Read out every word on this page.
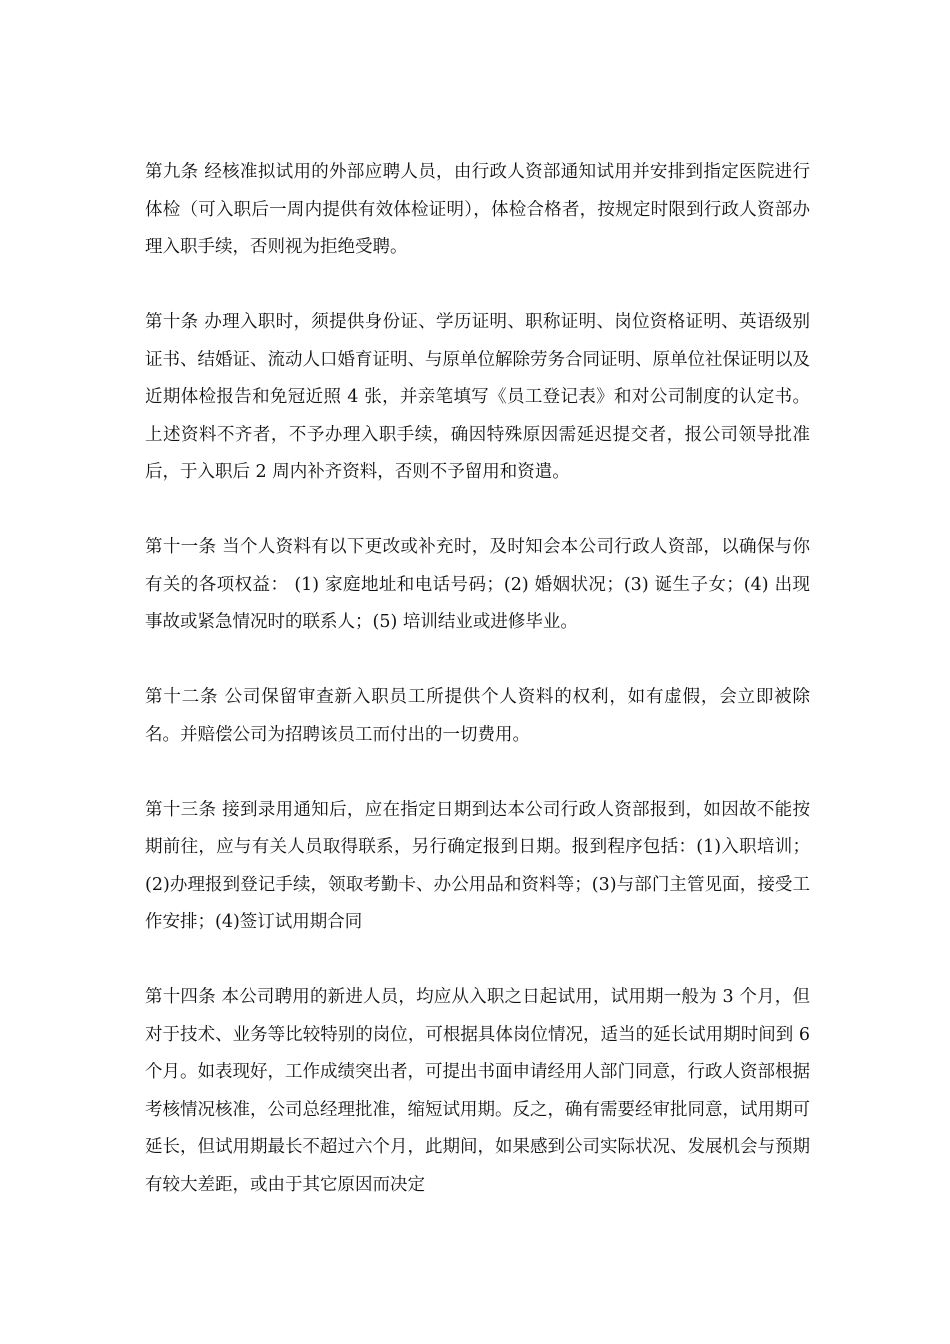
第九条 经核准拟试用的外部应聘人员，由行政人资部通知试用并安排到指定医院进行体检（可入职后一周内提供有效体检证明），体检合格者，按规定时限到行政人资部办理入职手续，否则视为拒绝受聘。

第十条 办理入职时，须提供身份证、学历证明、职称证明、岗位资格证明、英语级别证书、结婚证、流动人口婚育证明、与原单位解除劳务合同证明、原单位社保证明以及近期体检报告和免冠近照 4 张，并亲笔填写《员工登记表》和对公司制度的认定书。上述资料不齐者，不予办理入职手续，确因特殊原因需延迟提交者，报公司领导批准后，于入职后 2 周内补齐资料，否则不予留用和资遣。

第十一条 当个人资料有以下更改或补充时，及时知会本公司行政人资部，以确保与你有关的各项权益： (1) 家庭地址和电话号码；(2) 婚姻状况；(3) 诞生子女；(4) 出现事故或紧急情况时的联系人；(5) 培训结业或进修毕业。

第十二条 公司保留审查新入职员工所提供个人资料的权利，如有虚假，会立即被除名。并赔偿公司为招聘该员工而付出的一切费用。

第十三条 接到录用通知后，应在指定日期到达本公司行政人资部报到，如因故不能按期前往，应与有关人员取得联系，另行确定报到日期。报到程序包括：(1)入职培训；(2)办理报到登记手续，领取考勤卡、办公用品和资料等；(3)与部门主管见面，接受工作安排；(4)签订试用期合同

第十四条 本公司聘用的新进人员，均应从入职之日起试用，试用期一般为 3 个月，但对于技术、业务等比较特别的岗位，可根据具体岗位情况，适当的延长试用期时间到 6 个月。如表现好，工作成绩突出者，可提出书面申请经用人部门同意，行政人资部根据考核情况核准，公司总经理批准，缩短试用期。反之，确有需要经审批同意，试用期可延长，但试用期最长不超过六个月，此期间，如果感到公司实际状况、发展机会与预期有较大差距，或由于其它原因而决定
